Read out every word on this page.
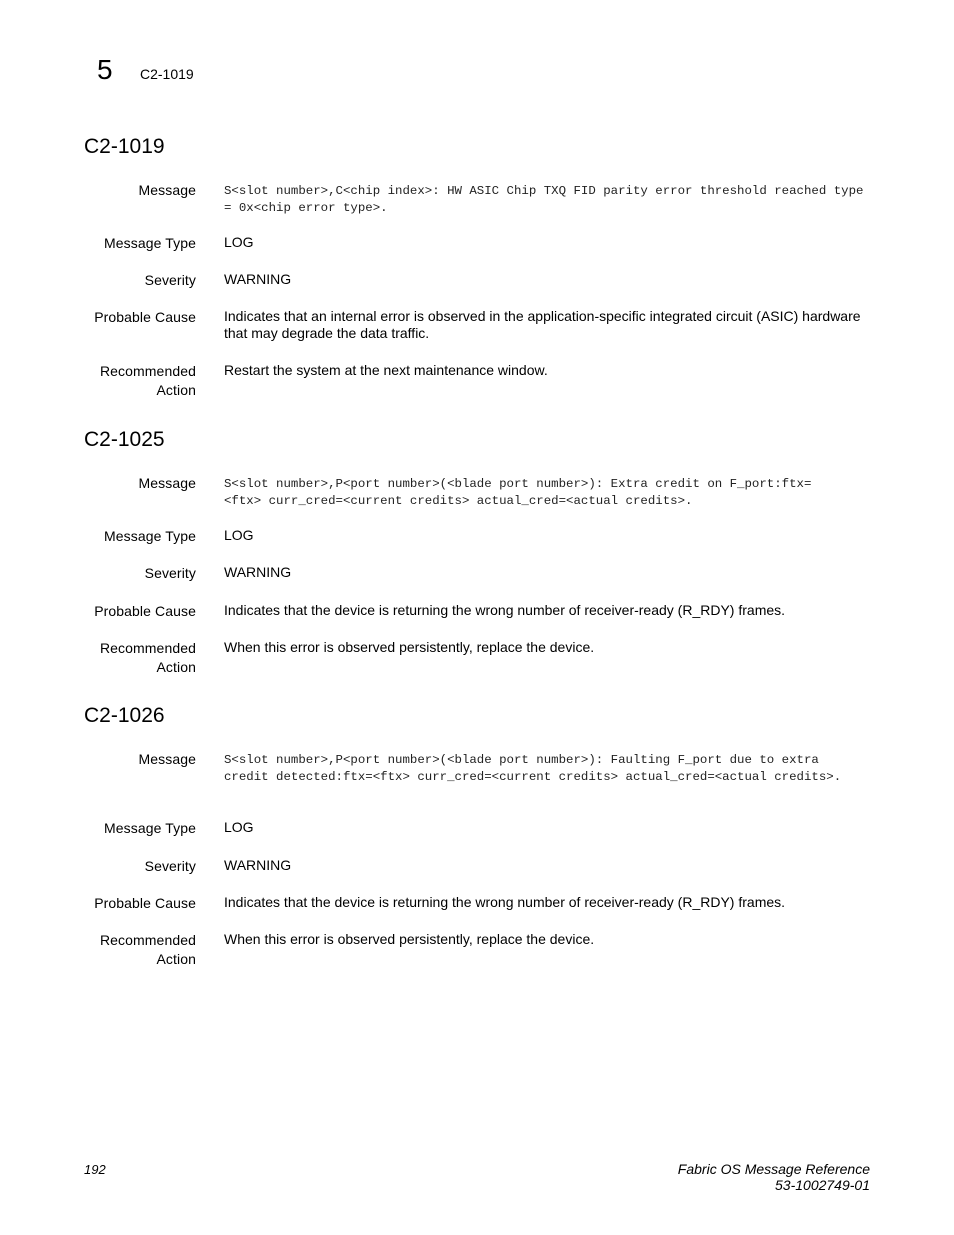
5 C2-1019
C2-1019
Message S<slot number>,C<chip index>: HW ASIC Chip TXQ FID parity error threshold reached type = 0x<chip error type>.
Message Type LOG
Severity WARNING
Probable Cause Indicates that an internal error is observed in the application-specific integrated circuit (ASIC) hardware that may degrade the data traffic.
Recommended
Action
Restart the system at the next maintenance window.
C2-1025
Message S<slot number>,P<port number>(<blade port number>): Extra credit on F_port:ftx=<ftx> curr_cred=<current credits> actual_cred=<actual credits>.
Message Type LOG
Severity WARNING
Probable Cause Indicates that the device is returning the wrong number of receiver-ready (R_RDY) frames.
Recommended
Action
When this error is observed persistently, replace the device.
C2-1026
Message S<slot number>,P<port number>(<blade port number>): Faulting F_port due to extra credit detected:ftx=<ftx> curr_cred=<current credits> actual_cred=<actual credits>.
Message Type LOG
Severity WARNING
Probable Cause Indicates that the device is returning the wrong number of receiver-ready (R_RDY) frames.
Recommended
Action
When this error is observed persistently, replace the device.
192	Fabric OS Message Reference
53-1002749-01
